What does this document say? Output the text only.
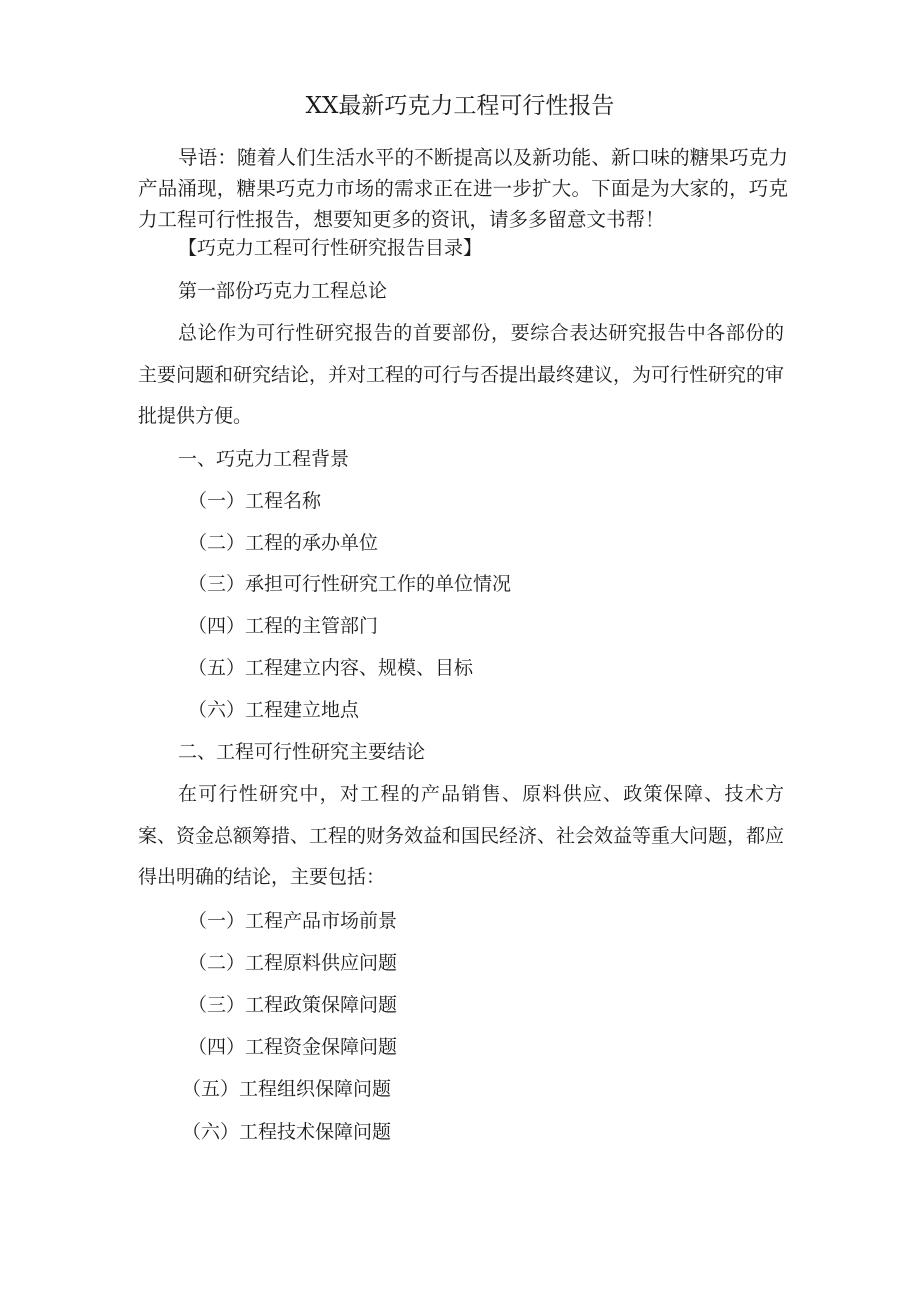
XX最新巧克力工程可行性报告

导语：随着人们生活水平的不断提高以及新功能、新口味的糖果巧克力产品涌现，糖果巧克力市场的需求正在进一步扩大。下面是为大家的，巧克力工程可行性报告，想要知更多的资讯，请多多留意文书帮！

【巧克力工程可行性研究报告目录】

第一部份巧克力工程总论

总论作为可行性研究报告的首要部份，要综合表达研究报告中各部份的主要问题和研究结论，并对工程的可行与否提出最终建议，为可行性研究的审批提供方便。

一、巧克力工程背景

（一）工程名称

（二）工程的承办单位

（三）承担可行性研究工作的单位情况

（四）工程的主管部门

（五）工程建立内容、规模、目标

（六）工程建立地点

二、工程可行性研究主要结论

在可行性研究中，对工程的产品销售、原料供应、政策保障、技术方案、资金总额筹措、工程的财务效益和国民经济、社会效益等重大问题，都应得出明确的结论，主要包括：

（一）工程产品市场前景

（二）工程原料供应问题

（三）工程政策保障问题

（四）工程资金保障问题

（五）工程组织保障问题

（六）工程技术保障问题
